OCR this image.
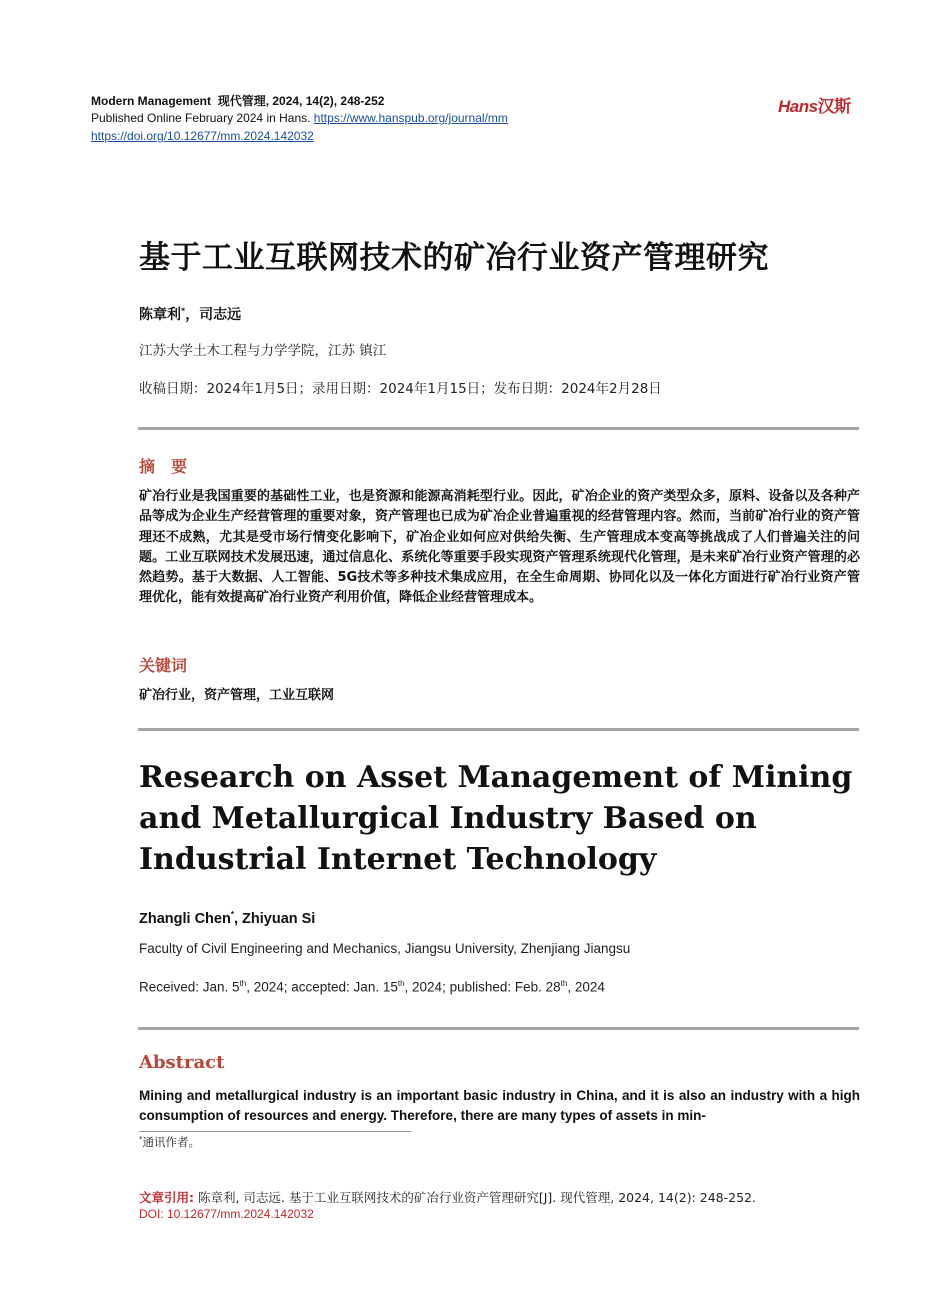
Modern Management 现代管理, 2024, 14(2), 248-252
Published Online February 2024 in Hans. https://www.hanspub.org/journal/mm
https://doi.org/10.12677/mm.2024.142032
Hans汉斯
基于工业互联网技术的矿冶行业资产管理研究
陈章利*，司志远
江苏大学土木工程与力学学院，江苏 镇江
收稿日期：2024年1月5日；录用日期：2024年1月15日；发布日期：2024年2月28日
摘　要
矿冶行业是我国重要的基础性工业，也是资源和能源高消耗型行业。因此，矿冶企业的资产类型众多，原料、设备以及各种产品等成为企业生产经营管理的重要对象，资产管理也已成为矿冶企业普遍重视的经营管理内容。然而，当前矿冶行业的资产管理还不成熟，尤其是受市场行情变化影响下，矿冶企业如何应对供给失衡、生产管理成本变高等挑战成了人们普遍关注的问题。工业互联网技术发展迅速，通过信息化、系统化等重要手段实现资产管理系统现代化管理，是未来矿冶行业资产管理的必然趋势。基于大数据、人工智能、5G技术等多种技术集成应用，在全生命周期、协同化以及一体化方面进行矿冶行业资产管理优化，能有效提高矿冶行业资产利用价值，降低企业经营管理成本。
关键词
矿冶行业，资产管理，工业互联网
Research on Asset Management of Mining and Metallurgical Industry Based on Industrial Internet Technology
Zhangli Chen*, Zhiyuan Si
Faculty of Civil Engineering and Mechanics, Jiangsu University, Zhenjiang Jiangsu
Received: Jan. 5th, 2024; accepted: Jan. 15th, 2024; published: Feb. 28th, 2024
Abstract
Mining and metallurgical industry is an important basic industry in China, and it is also an industry with a high consumption of resources and energy. Therefore, there are many types of assets in min-
*通讯作者。
文章引用: 陈章利, 司志远. 基于工业互联网技术的矿冶行业资产管理研究[J]. 现代管理, 2024, 14(2): 248-252.
DOI: 10.12677/mm.2024.142032
